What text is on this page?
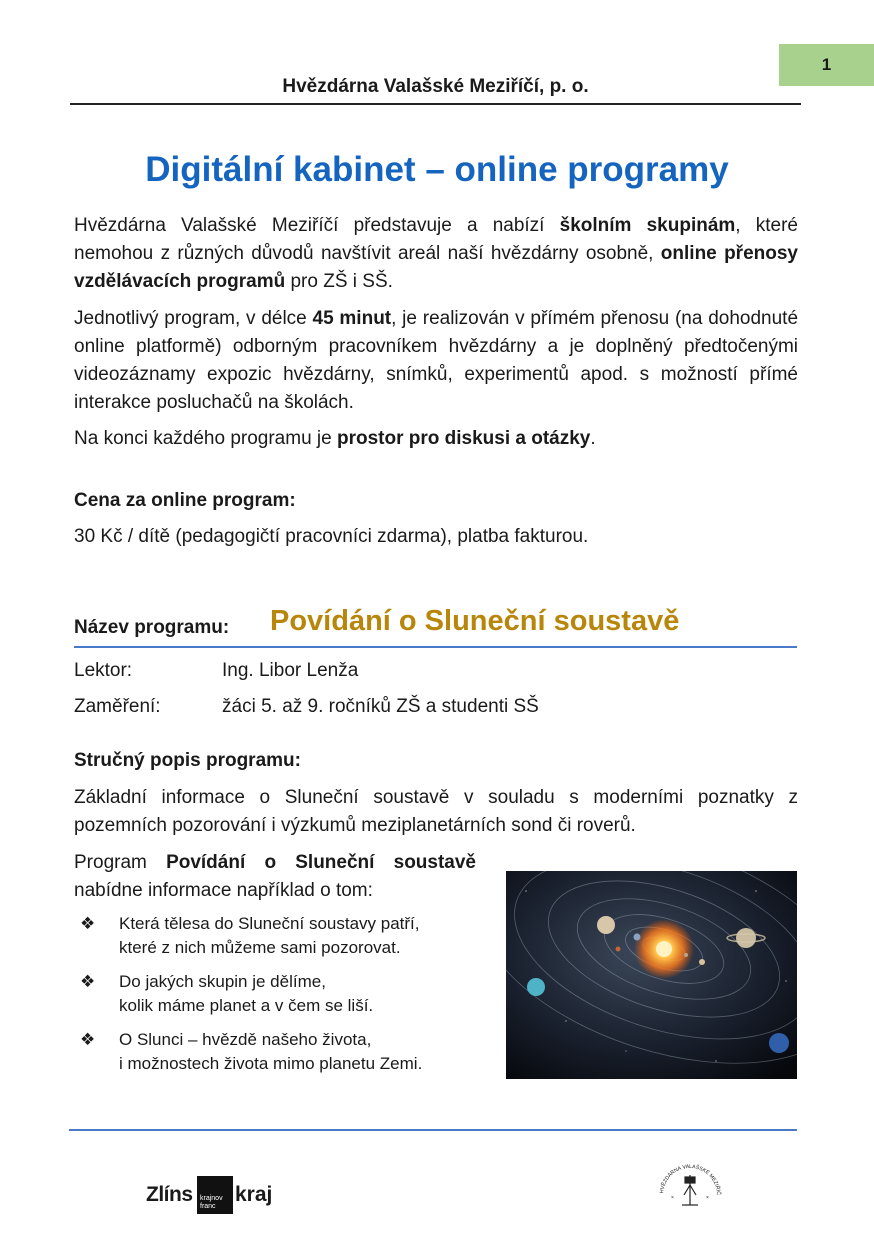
1
Hvězdárna Valašské Meziříčí, p. o.
Digitální kabinet – online programy

Hvězdárna Valašské Meziříčí představuje a nabízí školním skupinám, které nemohou z různých důvodů navštívit areál naší hvězdárny osobně, online přenosy vzdělávacích programů pro ZŠ i SŠ.

Jednotlivý program, v délce 45 minut, je realizován v přímém přenosu (na dohodnuté online platformě) odborným pracovníkem hvězdárny a je doplněný předtočenými videozáznamy expozic hvězdárny, snímků, experimentů apod. s možností přímé interakce posluchačů na školách.

Na konci každého programu je prostor pro diskusi a otázky.

Cena za online program:
30 Kč / dítě (pedagogičtí pracovníci zdarma), platba fakturou.
Název programu: Povídání o Sluneční soustavě
Lektor:	Ing. Libor Lenža
Zaměření:	žáci 5. až 9. ročníků ZŠ a studenti SŠ
Stručný popis programu:

Základní informace o Sluneční soustavě v souladu s moderními poznatky z pozemních pozorování i výzkumů meziplanetárních sond či roverů.

Program Povídání o Sluneční soustavě nabídne informace například o tom:

❖ Která tělesa do Sluneční soustavy patří,
které z nich můžeme sami pozorovat.
❖ Do jakých skupin je dělíme,
kolik máme planet a v čem se liší.
❖ O Slunci – hvězdě našeho života,
i možnostech života mimo planetu Zemi.
Zlíns krajnov
franc
kraj	HVĚZDÁRNA VALAŠSKÉ MEZIŘÍČ
×	×
